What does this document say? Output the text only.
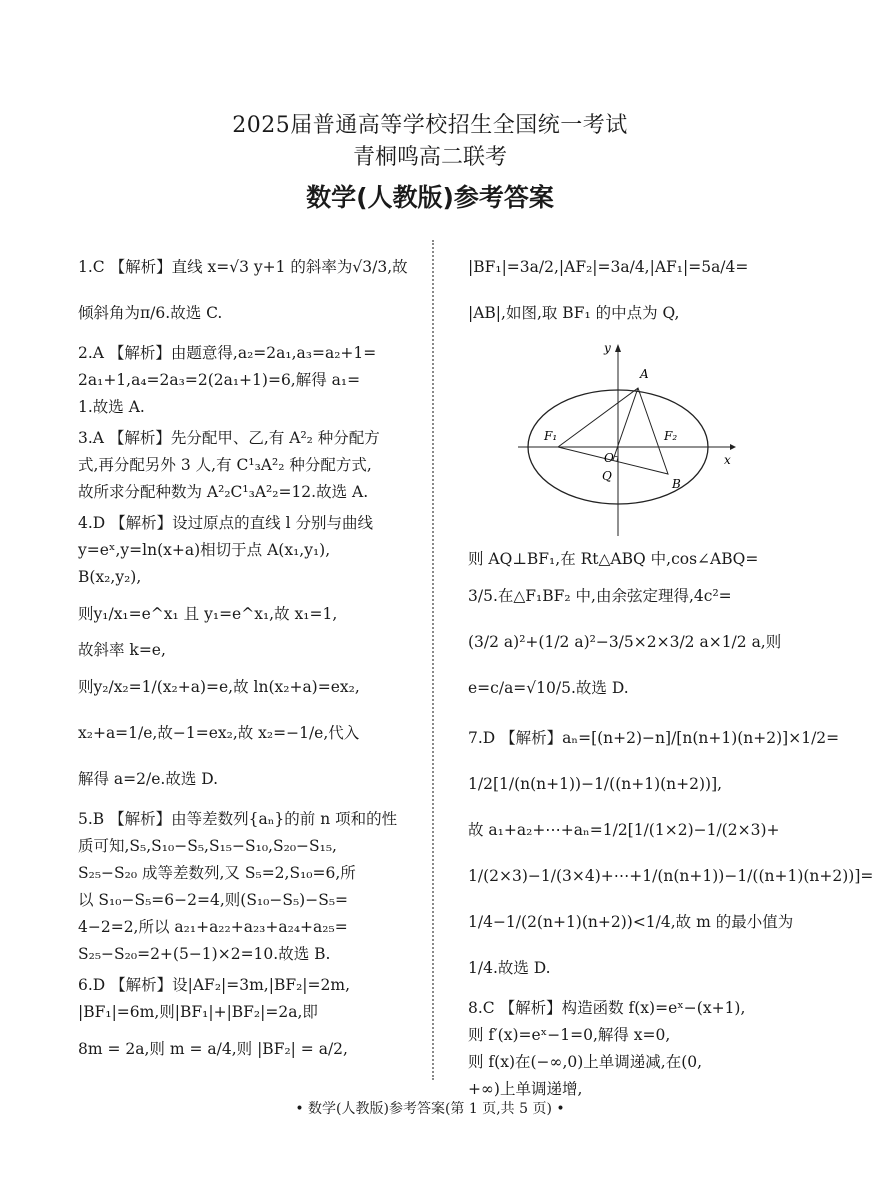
2025届普通高等学校招生全国统一考试
青桐鸣高二联考
数学(人教版)参考答案
1.C 【解析】直线 x=√3 y+1 的斜率为√3/3,故
倾斜角为π/6.故选 C.
2.A 【解析】由题意得,a₂=2a₁,a₃=a₂+1=
2a₁+1,a₄=2a₃=2(2a₁+1)=6,解得 a₁=
1.故选 A.
3.A 【解析】先分配甲、乙,有 A²₂ 种分配方
式,再分配另外 3 人,有 C¹₃A²₂ 种分配方式,
故所求分配种数为 A²₂C¹₃A²₂=12.故选 A.
4.D 【解析】设过原点的直线 l 分别与曲线
y=eˣ,y=ln(x+a)相切于点 A(x₁,y₁),
B(x₂,y₂),
则y₁/x₁=e^x₁ 且 y₁=e^x₁,故 x₁=1,
故斜率 k=e,
则y₂/x₂=1/(x₂+a)=e,故 ln(x₂+a)=ex₂,
x₂+a=1/e,故−1=ex₂,故 x₂=−1/e,代入
解得 a=2/e.故选 D.
5.B 【解析】由等差数列{aₙ}的前 n 项和的性
质可知,S₅,S₁₀−S₅,S₁₅−S₁₀,S₂₀−S₁₅,
S₂₅−S₂₀ 成等差数列,又 S₅=2,S₁₀=6,所
以 S₁₀−S₅=6−2=4,则(S₁₀−S₅)−S₅=
4−2=2,所以 a₂₁+a₂₂+a₂₃+a₂₄+a₂₅=
S₂₅−S₂₀=2+(5−1)×2=10.故选 B.
6.D 【解析】设|AF₂|=3m,|BF₂|=2m,
|BF₁|=6m,则|BF₁|+|BF₂|=2a,即
8m = 2a,则 m = a/4,则 |BF₂| = a/2,
|BF₁|=3a/2,|AF₂|=3a/4,|AF₁|=5a/4=
|AB|,如图,取 BF₁ 的中点为 Q,
F₁
A
B
F₂
O
Q
x
y
则 AQ⊥BF₁,在 Rt△ABQ 中,cos∠ABQ=
3/5.在△F₁BF₂ 中,由余弦定理得,4c²=
(3/2 a)²+(1/2 a)²−3/5×2×3/2 a×1/2 a,则
e=c/a=√10/5.故选 D.
7.D 【解析】aₙ=[(n+2)−n]/[n(n+1)(n+2)]×1/2=
1/2[1/(n(n+1))−1/((n+1)(n+2))],
故 a₁+a₂+⋯+aₙ=1/2[1/(1×2)−1/(2×3)+
1/(2×3)−1/(3×4)+⋯+1/(n(n+1))−1/((n+1)(n+2))]=
1/4−1/(2(n+1)(n+2))<1/4,故 m 的最小值为
1/4.故选 D.
8.C 【解析】构造函数 f(x)=eˣ−(x+1),
则 f′(x)=eˣ−1=0,解得 x=0,
则 f(x)在(−∞,0)上单调递减,在(0,
+∞)上单调递增,
• 数学(人教版)参考答案(第 1 页,共 5 页) •
